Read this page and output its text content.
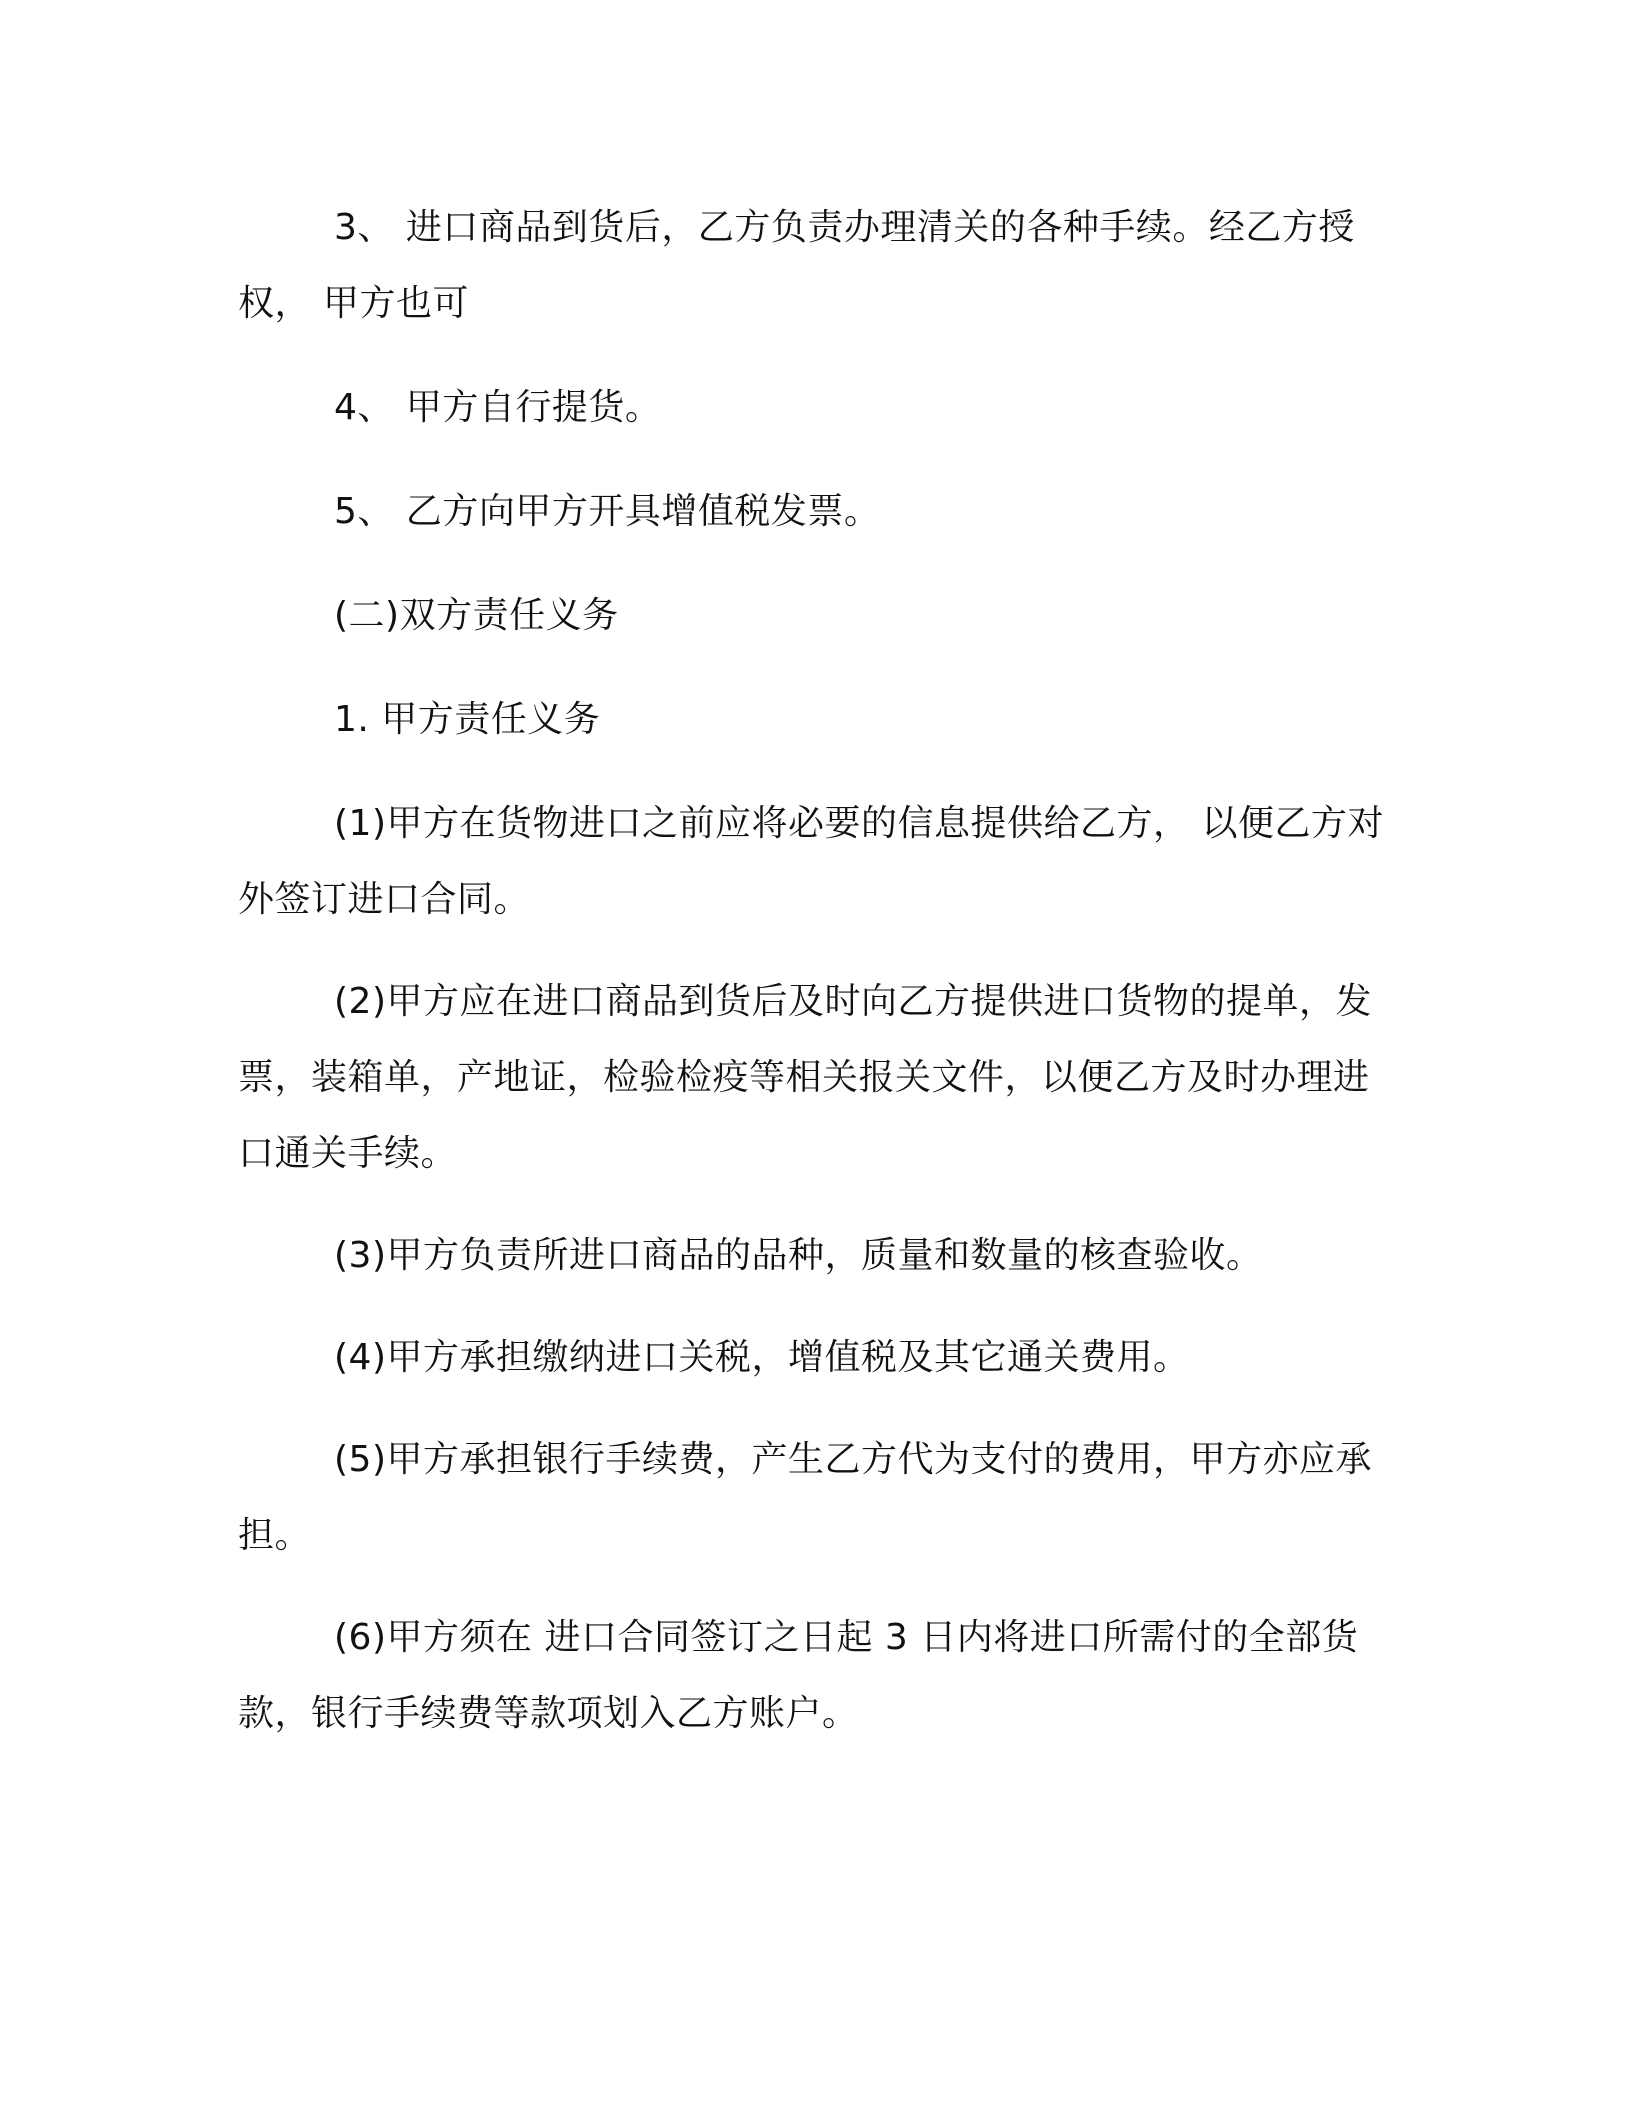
3、 进口商品到货后，乙方负责办理清关的各种手续。经乙方授权， 甲方也可

4、 甲方自行提货。

5、 乙方向甲方开具增值税发票。

(二)双方责任义务

1. 甲方责任义务

(1)甲方在货物进口之前应将必要的信息提供给乙方， 以便乙方对外签订进口合同。

(2)甲方应在进口商品到货后及时向乙方提供进口货物的提单，发票，装箱单，产地证，检验检疫等相关报关文件，以便乙方及时办理进口通关手续。

(3)甲方负责所进口商品的品种，质量和数量的核查验收。

(4)甲方承担缴纳进口关税，增值税及其它通关费用。

(5)甲方承担银行手续费，产生乙方代为支付的费用，甲方亦应承担。

(6)甲方须在 进口合同签订之日起 3 日内将进口所需付的全部货款，银行手续费等款项划入乙方账户。
